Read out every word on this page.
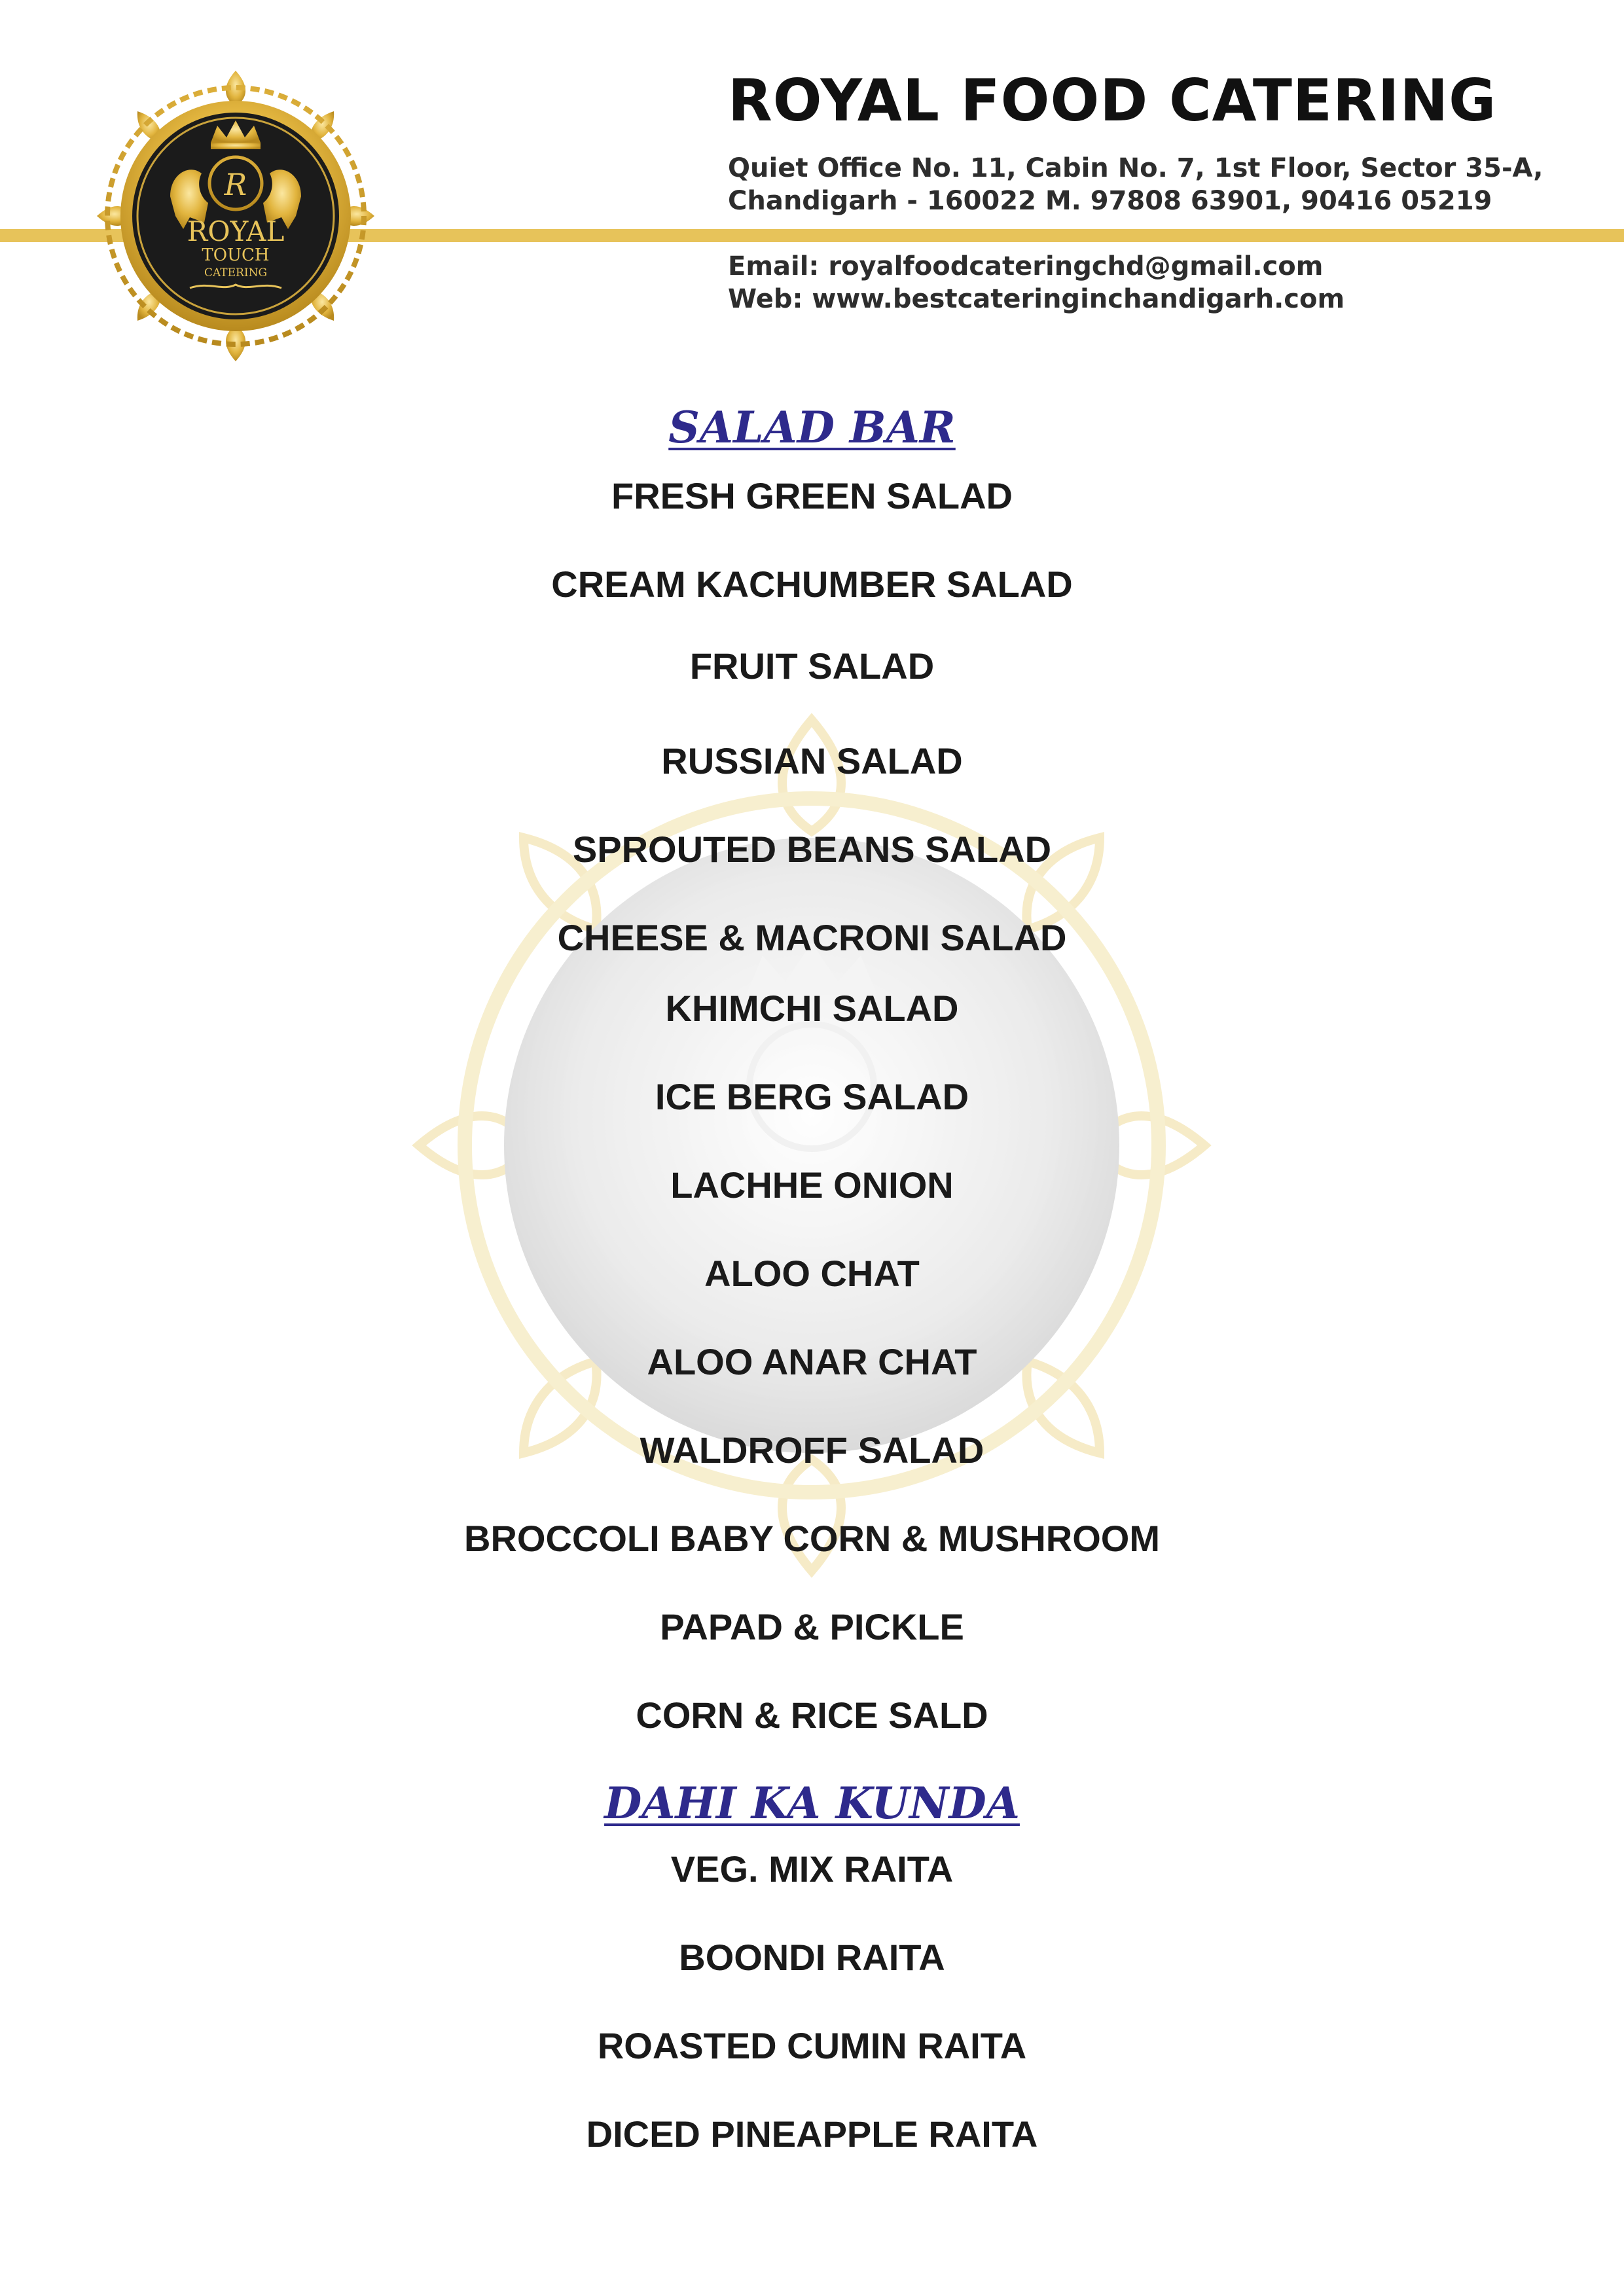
R
ROYAL
TOUCH
CATERING
ROYAL FOOD CATERING
Quiet Office No. 11, Cabin No. 7, 1st Floor, Sector 35-A,
Chandigarh - 160022 M. 97808 63901, 90416 05219
Email: royalfoodcateringchd@gmail.com
Web: www.bestcateringinchandigarh.com
SALAD BAR
FRESH GREEN SALAD
CREAM KACHUMBER SALAD
FRUIT SALAD
RUSSIAN SALAD
SPROUTED BEANS SALAD
CHEESE & MACRONI SALAD
KHIMCHI SALAD
ICE BERG SALAD
LACHHE ONION
ALOO CHAT
ALOO ANAR CHAT
WALDROFF SALAD
BROCCOLI BABY CORN & MUSHROOM
PAPAD & PICKLE
CORN & RICE SALD
DAHI KA KUNDA
VEG. MIX RAITA
BOONDI RAITA
ROASTED CUMIN RAITA
DICED PINEAPPLE RAITA
